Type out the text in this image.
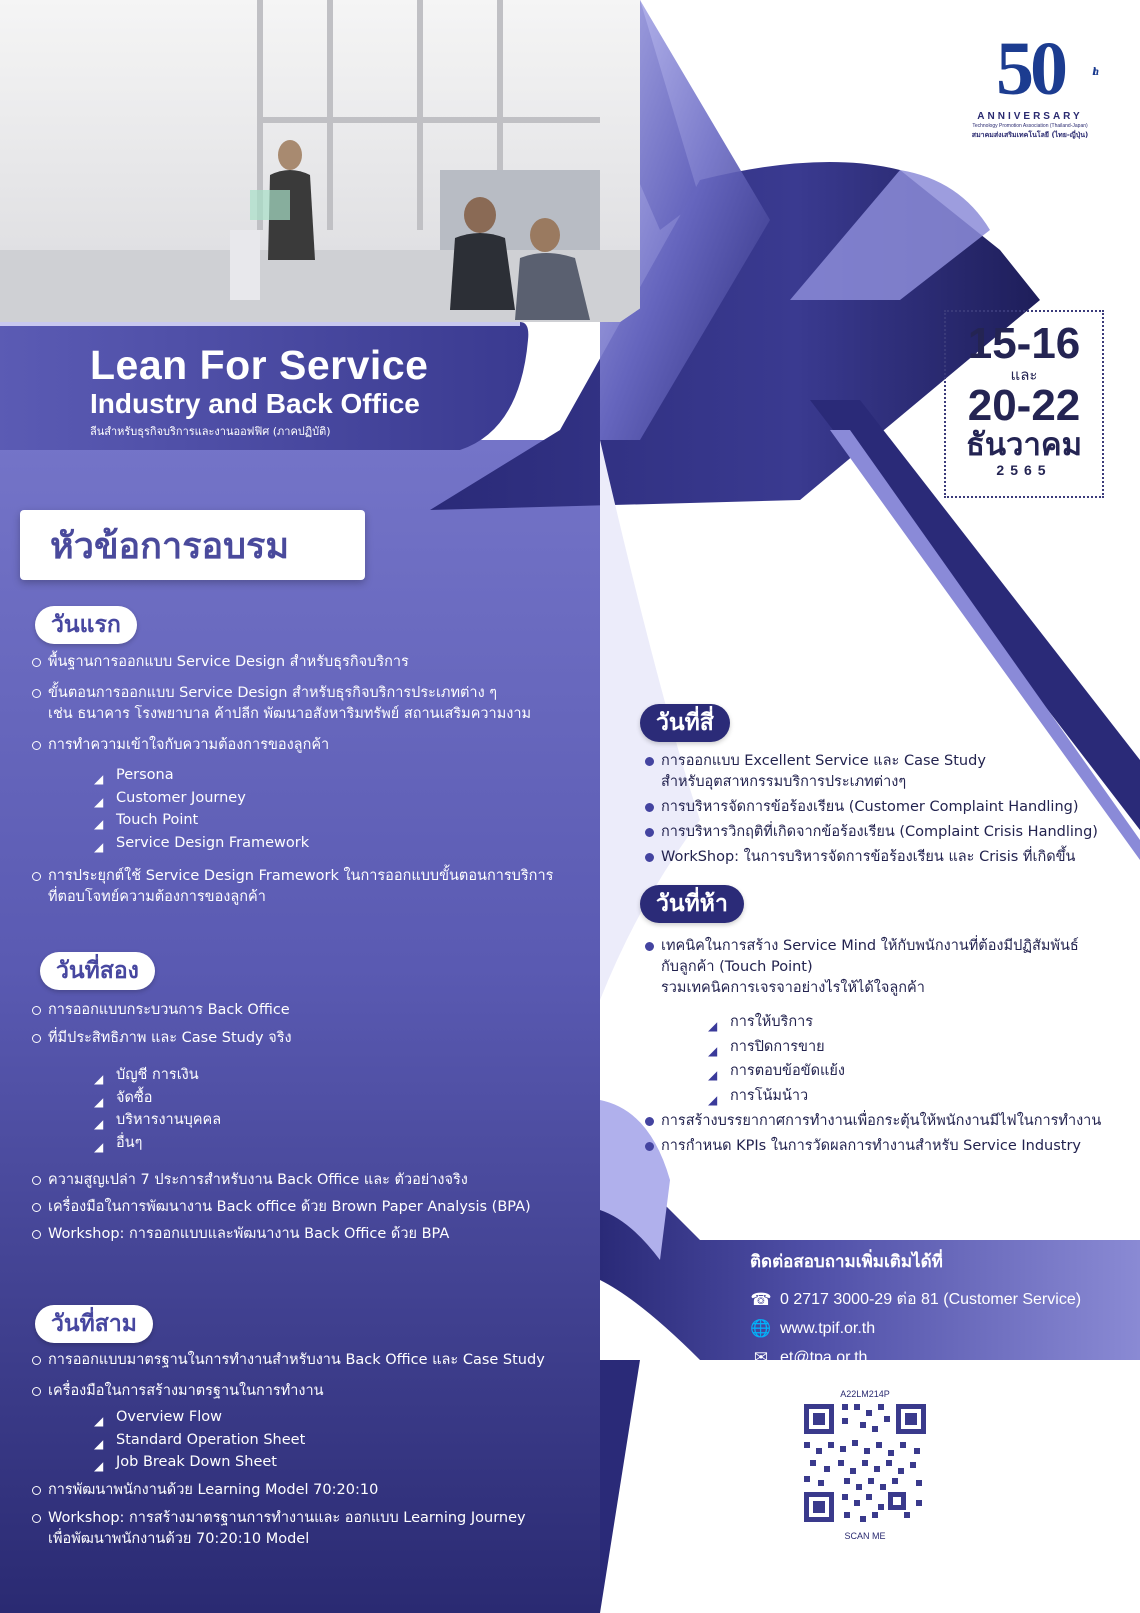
50 th
ANNIVERSARY
Technology Promotion Association (Thailand-Japan)
สมาคมส่งเสริมเทคโนโลยี (ไทย-ญี่ปุ่น)
Lean For Service
Industry and Back Office
ลีนสำหรับธุรกิจบริการและงานออฟฟิศ (ภาคปฏิบัติ)
15-16
และ
20-22
ธันวาคม
2565
หัวข้อการอบรม
วันแรก
พื้นฐานการออกแบบ Service Design สำหรับธุรกิจบริการ
ขั้นตอนการออกแบบ Service Design สำหรับธุรกิจบริการประเภทต่าง ๆ
เช่น ธนาคาร โรงพยาบาล ค้าปลีก พัฒนาอสังหาริมทรัพย์ สถานเสริมความงาม
การทำความเข้าใจกับความต้องการของลูกค้า
◢ Persona
◢ Customer Journey
◢ Touch Point
◢ Service Design Framework
การประยุกต์ใช้ Service Design Framework ในการออกแบบขั้นตอนการบริการ
ที่ตอบโจทย์ความต้องการของลูกค้า
วันที่สอง
การออกแบบกระบวนการ Back Office
ที่มีประสิทธิภาพ และ Case Study จริง
◢ บัญชี การเงิน
◢ จัดซื้อ
◢ บริหารงานบุคคล
◢ อื่นๆ
ความสูญเปล่า 7 ประการสำหรับงาน Back Office และ ตัวอย่างจริง
เครื่องมือในการพัฒนางาน Back office ด้วย Brown Paper Analysis (BPA)
Workshop: การออกแบบและพัฒนางาน Back Office ด้วย BPA
วันที่สาม
การออกแบบมาตรฐานในการทำงานสำหรับงาน Back Office และ Case Study
เครื่องมือในการสร้างมาตรฐานในการทำงาน
◢ Overview Flow
◢ Standard Operation Sheet
◢ Job Break Down Sheet
การพัฒนาพนักงานด้วย Learning Model 70:20:10
Workshop: การสร้างมาตรฐานการทำงานและ ออกแบบ Learning Journey
เพื่อพัฒนาพนักงานด้วย 70:20:10 Model
วันที่สี่
การออกแบบ Excellent Service และ Case Study
สำหรับอุตสาหกรรมบริการประเภทต่างๆ
การบริหารจัดการข้อร้องเรียน (Customer Complaint Handling)
การบริหารวิกฤติที่เกิดจากข้อร้องเรียน (Complaint Crisis Handling)
WorkShop: ในการบริหารจัดการข้อร้องเรียน และ Crisis ที่เกิดขึ้น
วันที่ห้า
เทคนิคในการสร้าง Service Mind ให้กับพนักงานที่ต้องมีปฏิสัมพันธ์
กับลูกค้า (Touch Point)
รวมเทคนิคการเจรจาอย่างไรให้ได้ใจลูกค้า
◢ การให้บริการ
◢ การปิดการขาย
◢ การตอบข้อขัดแย้ง
◢ การโน้มน้าว
การสร้างบรรยากาศการทำงานเพื่อกระตุ้นให้พนักงานมีไฟในการทำงาน
การกำหนด KPIs ในการวัดผลการทำงานสำหรับ Service Industry
ติดต่อสอบถามเพิ่มเติมได้ที่
☎ 0 2717 3000-29 ต่อ 81 (Customer Service)
🌐 www.tpif.or.th
✉ et@tpa.or.th
A22LM214P
SCAN ME
